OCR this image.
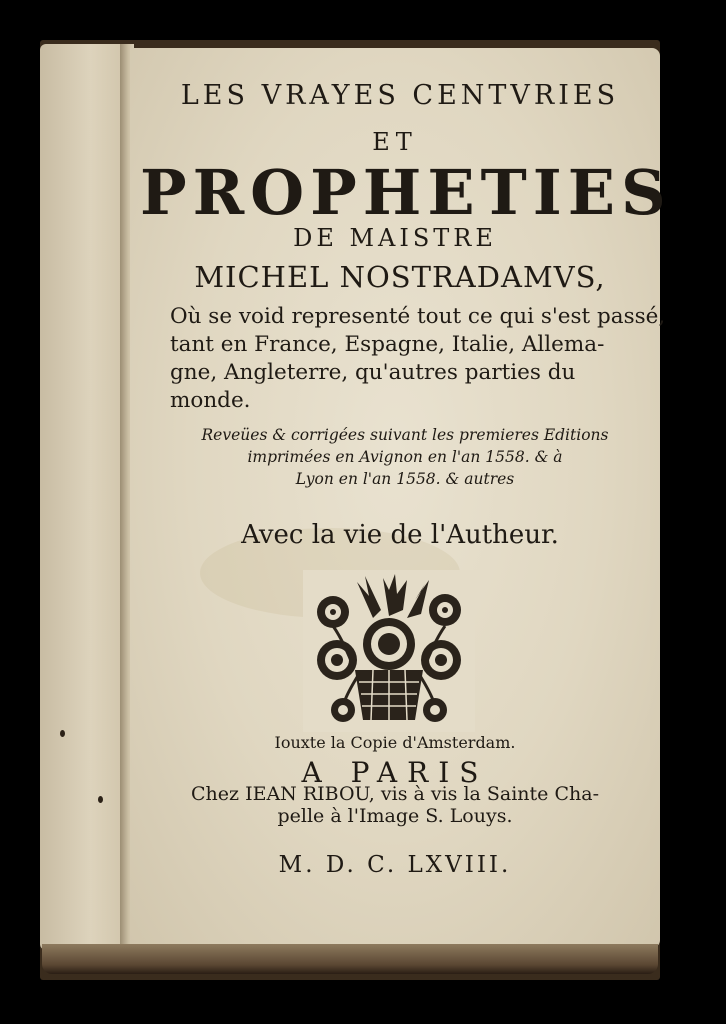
LES VRAYES CENTVRIES
ET
PROPHETIES
DE MAISTRE
MICHEL NOSTRADAMVS,
Où se void representé tout ce qui s'est passé,
tant en France, Espagne, Italie, Allema-
gne, Angleterre, qu'autres parties du
monde.
Reveües & corrigées suivant les premieres Editions
imprimées en Avignon en l'an 1558. & à
Lyon en l'an 1558. & autres
Avec la vie de l'Autheur.
Iouxte la Copie d'Amsterdam.
A PARIS
Chez IEAN RIBOU, vis à vis la Sainte Cha-
pelle à l'Image S. Louys.
M. D. C. LXVIII.
